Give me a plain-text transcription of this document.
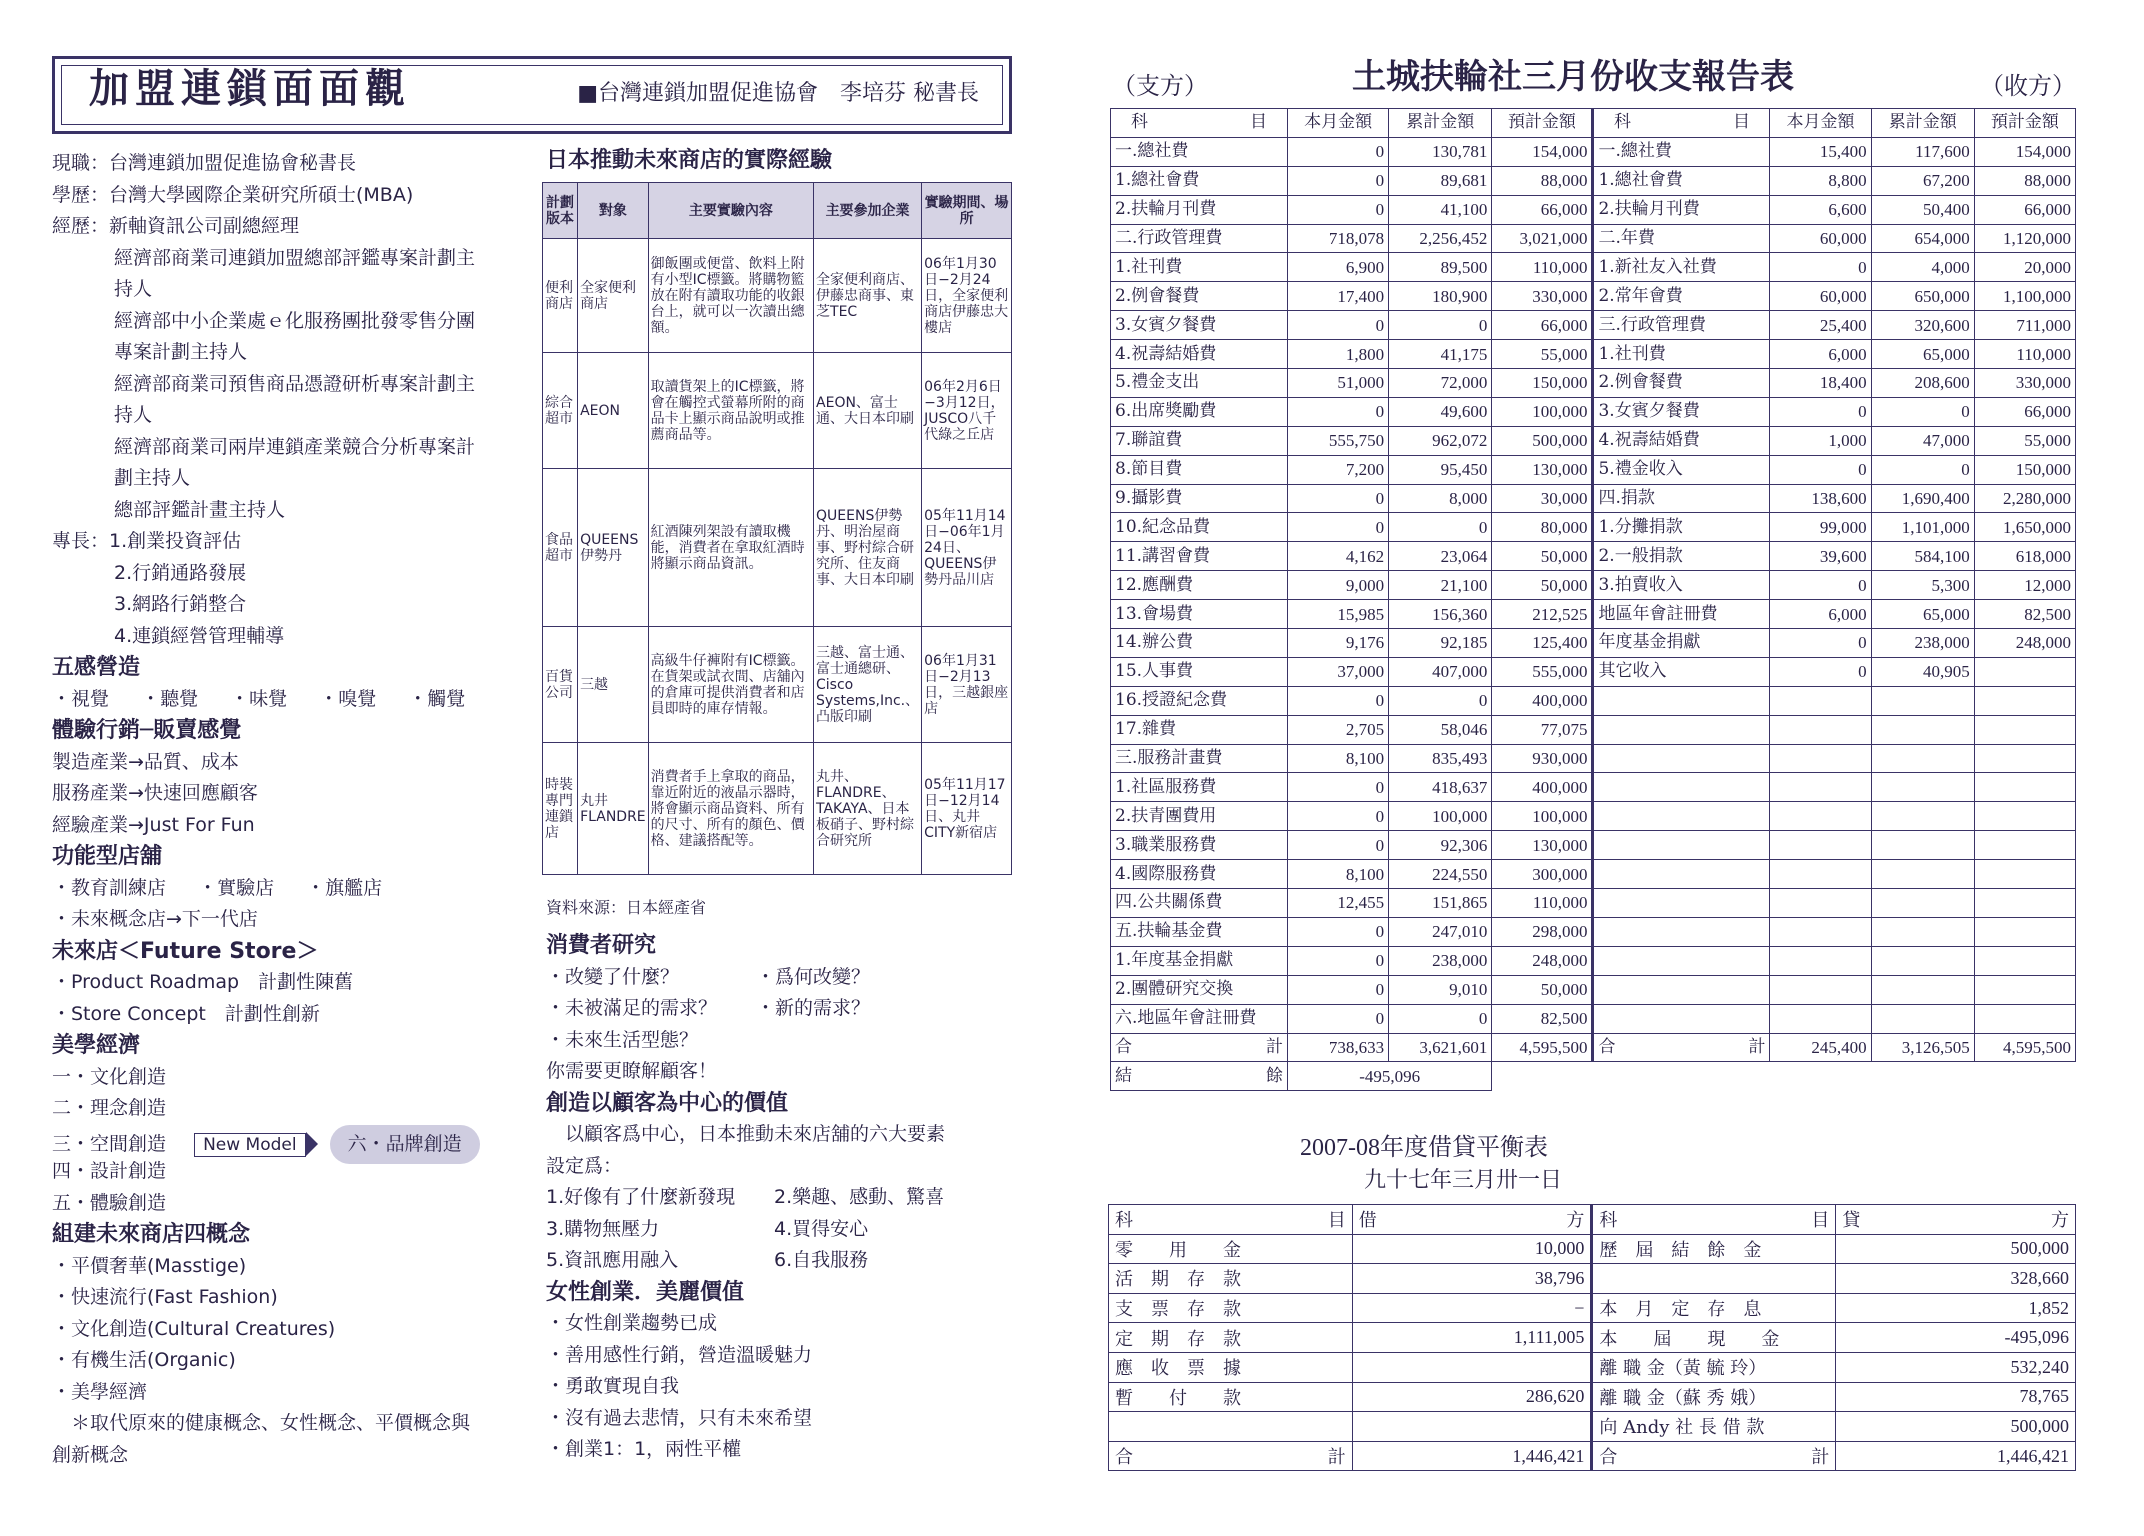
加盟連鎖面面觀	■台灣連鎖加盟促進協會　李培芬 秘書長
現職：台灣連鎖加盟促進協會秘書長
學歷：台灣大學國際企業研究所碩士(MBA)
經歷：新軸資訊公司副總經理
經濟部商業司連鎖加盟總部評鑑專案計劃主
持人
經濟部中小企業處ｅ化服務團批發零售分團
專案計劃主持人
經濟部商業司預售商品憑證研析專案計劃主
持人
經濟部商業司兩岸連鎖產業競合分析專案計
劃主持人
總部評鑑計畫主持人
專長：1.創業投資評估
2.行銷通路發展
3.網路行銷整合
4.連鎖經營管理輔導
五感營造
・視覺 ・聽覺 ・味覺 ・嗅覺 ・觸覺
體驗行銷─販賣感覺
製造產業→品質、成本
服務產業→快速回應顧客
經驗產業→Just For Fun
功能型店舖
・教育訓練店 ・實驗店 ・旗艦店
・未來概念店→下一代店
未來店＜Future Store＞
・Product Roadmap　計劃性陳舊
・Store Concept　計劃性創新
美學經濟
一・文化創造
二・理念創造
三・空間創造 New Model	六・品牌創造
四・設計創造
五・體驗創造
組建未來商店四概念
・平價奢華(Masstige)
・快速流行(Fast Fashion)
・文化創造(Cultural Creatures)
・有機生活(Organic)
・美學經濟
　＊取代原來的健康概念、女性概念、平價概念與
創新概念
日本推動未來商店的實際經驗
計劃版本	對象	主要實驗內容	主要參加企業	實驗期間、場所
便利商店	全家便利商店	御飯團或便當、飲料上附有小型IC標籤。將購物籃放在附有讀取功能的收銀台上，就可以一次讀出總額。	全家便利商店、伊藤忠商事、東芝TEC	06年1月30日−2月24日，全家便利商店伊藤忠大樓店
綜合超市	AEON	取讀貨架上的IC標籤，將會在觸控式螢幕所附的商品卡上顯示商品說明或推薦商品等。	AEON、富士通、大日本印刷	06年2月6日−3月12日，JUSCO八千代綠之丘店
食品超市	QUEENS伊勢丹	紅酒陳列架設有讀取機能，消費者在拿取紅酒時將顯示商品資訊。	QUEENS伊勢丹、明治屋商事、野村綜合研究所、住友商事、大日本印刷	05年11月14日−06年1月24日、QUEENS伊勢丹品川店
百貨公司	三越	高級牛仔褲附有IC標籤。在貨架或試衣間、店舖內的倉庫可提供消費者和店員即時的庫存情報。	三越、富士通、富士通總研、Cisco Systems,Inc.、凸版印刷	06年1月31日−2月13日，三越銀座店
時裝專門連鎖店	丸井FLANDRE	消費者手上拿取的商品，靠近附近的液晶示器時，將會顯示商品資料、所有的尺寸、所有的顏色、價格、建議搭配等。	丸井、FLANDRE、TAKAYA、日本板硝子、野村綜合研究所	05年11月17日−12月14日、丸井CITY新宿店
資料來源：日本經產省
消費者研究
・改變了什麼？	・爲何改變？
・未被滿足的需求？ ・新的需求？
・未來生活型態？
你需要更瞭解顧客！
創造以顧客為中心的價值
　以顧客爲中心，日本推動未來店舖的六大要素
設定爲：
1.好像有了什麼新發現 2.樂趣、感動、驚喜
3.購物無壓力	4.買得安心
5.資訊應用融入	6.自我服務
女性創業．美麗價值
・女性創業趨勢已成
・善用感性行銷，營造溫暖魅力
・勇敢實現自我
・沒有過去悲情，只有未來希望
・創業1：1，兩性平權
（支方）	土城扶輪社三月份收支報告表	（收方）
科　　　　　　目	本月金額	累計金額	預計金額	科　　　　　　目	本月金額	累計金額	預計金額
一.總社費	0	130,781	154,000	一.總社費	15,400	117,600	154,000
1.總社會費	0	89,681	88,000	1.總社會費	8,800	67,200	88,000
2.扶輪月刊費	0	41,100	66,000	2.扶輪月刊費	6,600	50,400	66,000
二.行政管理費	718,078	2,256,452	3,021,000	二.年費	60,000	654,000	1,120,000
1.社刊費	6,900	89,500	110,000	1.新社友入社費	0	4,000	20,000
2.例會餐費	17,400	180,900	330,000	2.常年會費	60,000	650,000	1,100,000
3.女賓夕餐費	0	0	66,000	三.行政管理費	25,400	320,600	711,000
4.祝壽結婚費	1,800	41,175	55,000	1.社刊費	6,000	65,000	110,000
5.禮金支出	51,000	72,000	150,000	2.例會餐費	18,400	208,600	330,000
6.出席獎勵費	0	49,600	100,000	3.女賓夕餐費	0	0	66,000
7.聯誼費	555,750	962,072	500,000	4.祝壽結婚費	1,000	47,000	55,000
8.節目費	7,200	95,450	130,000	5.禮金收入	0	0	150,000
9.攝影費	0	8,000	30,000	四.捐款	138,600	1,690,400	2,280,000
10.紀念品費	0	0	80,000	1.分攤捐款	99,000	1,101,000	1,650,000
11.講習會費	4,162	23,064	50,000	2.一般捐款	39,600	584,100	618,000
12.應酬費	9,000	21,100	50,000	3.拍賣收入	0	5,300	12,000
13.會場費	15,985	156,360	212,525	地區年會註冊費	6,000	65,000	82,500
14.辦公費	9,176	92,185	125,400	年度基金捐獻	0	238,000	248,000
15.人事費	37,000	407,000	555,000	其它收入	0	40,905	
16.授證紀念費	0	0	400,000				
17.雜費	2,705	58,046	77,075				
三.服務計畫費	8,100	835,493	930,000				
1.社區服務費	0	418,637	400,000				
2.扶青團費用	0	100,000	100,000				
3.職業服務費	0	92,306	130,000				
4.國際服務費	8,100	224,550	300,000				
四.公共關係費	12,455	151,865	110,000				
五.扶輪基金費	0	247,010	298,000				
1.年度基金捐獻	0	238,000	248,000				
2.團體研究交換	0	9,010	50,000				
六.地區年會註冊費	0	0	82,500				
合 計	738,633	3,621,601	4,595,500	合 計	245,400	3,126,505	4,595,500
結 餘	-495,096						
2007-08年度借貸平衡表
九十七年三月卅一日
科 目	借 方	科 目	貸 方

零　　用　　金	10,000	歷　屆　結　餘　金	500,000
活　期　存　款	38,796		328,660
支　票　存　款	−	本　月　定　存　息	1,852
定　期　存　款	1,111,005	本　　屆　　現　　金	-495,096
應　收　票　據		離 職 金（黃 毓 玲）	532,240
暫　　付　　款	286,620	離 職 金（蘇 秀 娥）	78,765
		向 Andy 社 長 借 款	500,000
合 計	1,446,421	合 計	1,446,421
